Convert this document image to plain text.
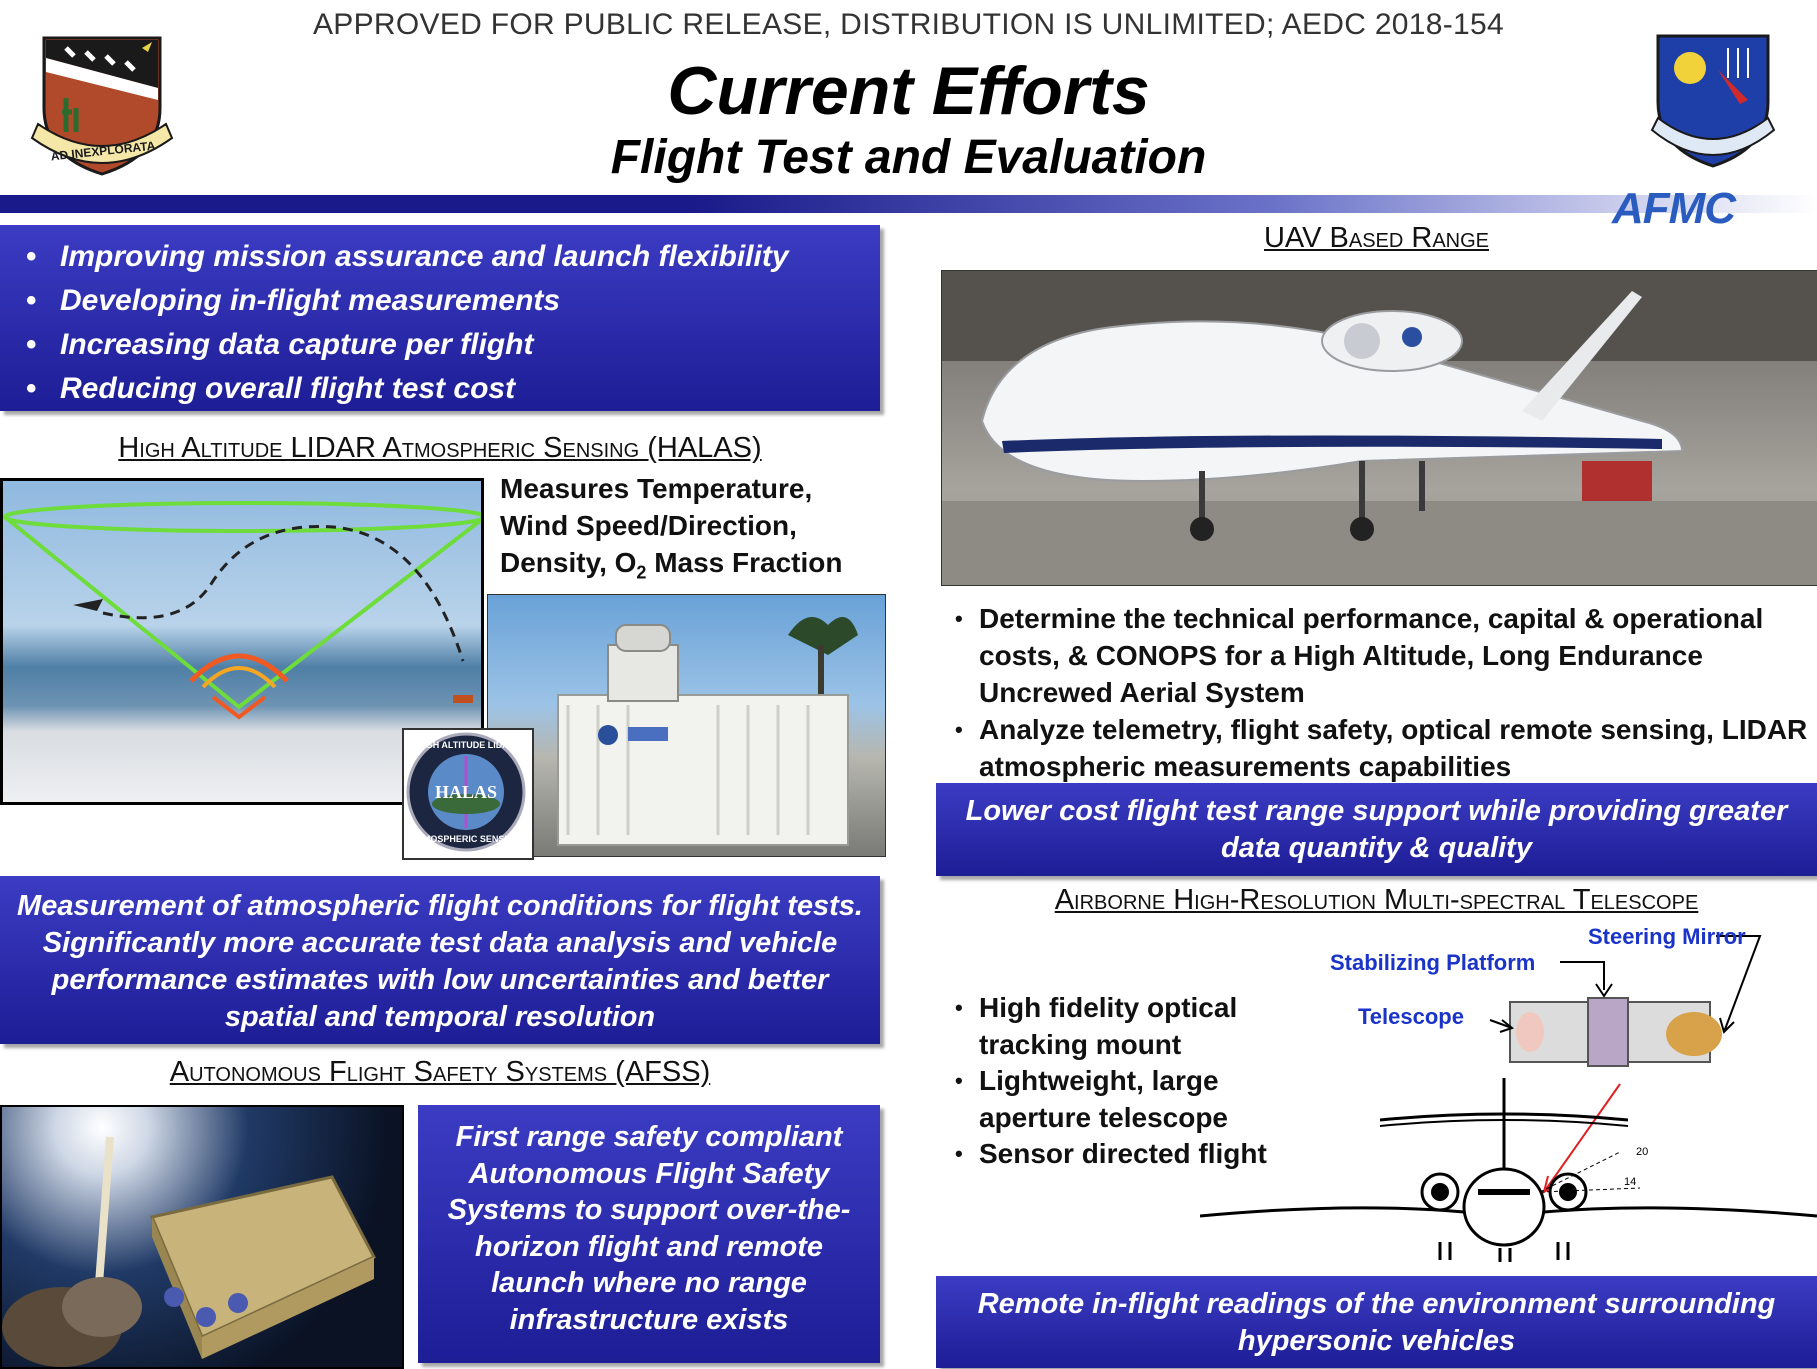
APPROVED FOR PUBLIC RELEASE, DISTRIBUTION IS UNLIMITED; AEDC 2018-154
Current Efforts
Flight Test and Evaluation
AD INEXPLORATA
AFMC
• Improving mission assurance and launch flexibility
• Developing in-flight measurements
• Increasing data capture per flight
• Reducing overall flight test cost
High Altitude LIDAR Atmospheric Sensing (HALAS)
Measures Temperature,
Wind Speed/Direction,
Density, $O_2$ Mass Fraction
HIGH ALTITUDE LIDAR
HALAS
ATMOSPHERIC SENSING
Measurement of atmospheric flight conditions for flight tests. Significantly more accurate test data analysis and vehicle performance estimates with low uncertainties and better spatial and temporal resolution
Autonomous Flight Safety Systems (AFSS)
First range safety compliant Autonomous Flight Safety Systems to support over-the-horizon flight and remote launch where no range infrastructure exists
UAV Based Range
• Determine the technical performance, capital & operational costs, & CONOPS for a High Altitude, Long Endurance Uncrewed Aerial System
• Analyze telemetry, flight safety, optical remote sensing, LIDAR atmospheric measurements capabilities
Lower cost flight test range support while providing greater data quantity & quality
Airborne High-Resolution Multi-spectral Telescope
• High fidelity optical tracking mount
• Lightweight, large aperture telescope
• Sensor directed flight
Steering Mirror
Stabilizing Platform
Telescope
20
14
Remote in-flight readings of the environment surrounding hypersonic vehicles
